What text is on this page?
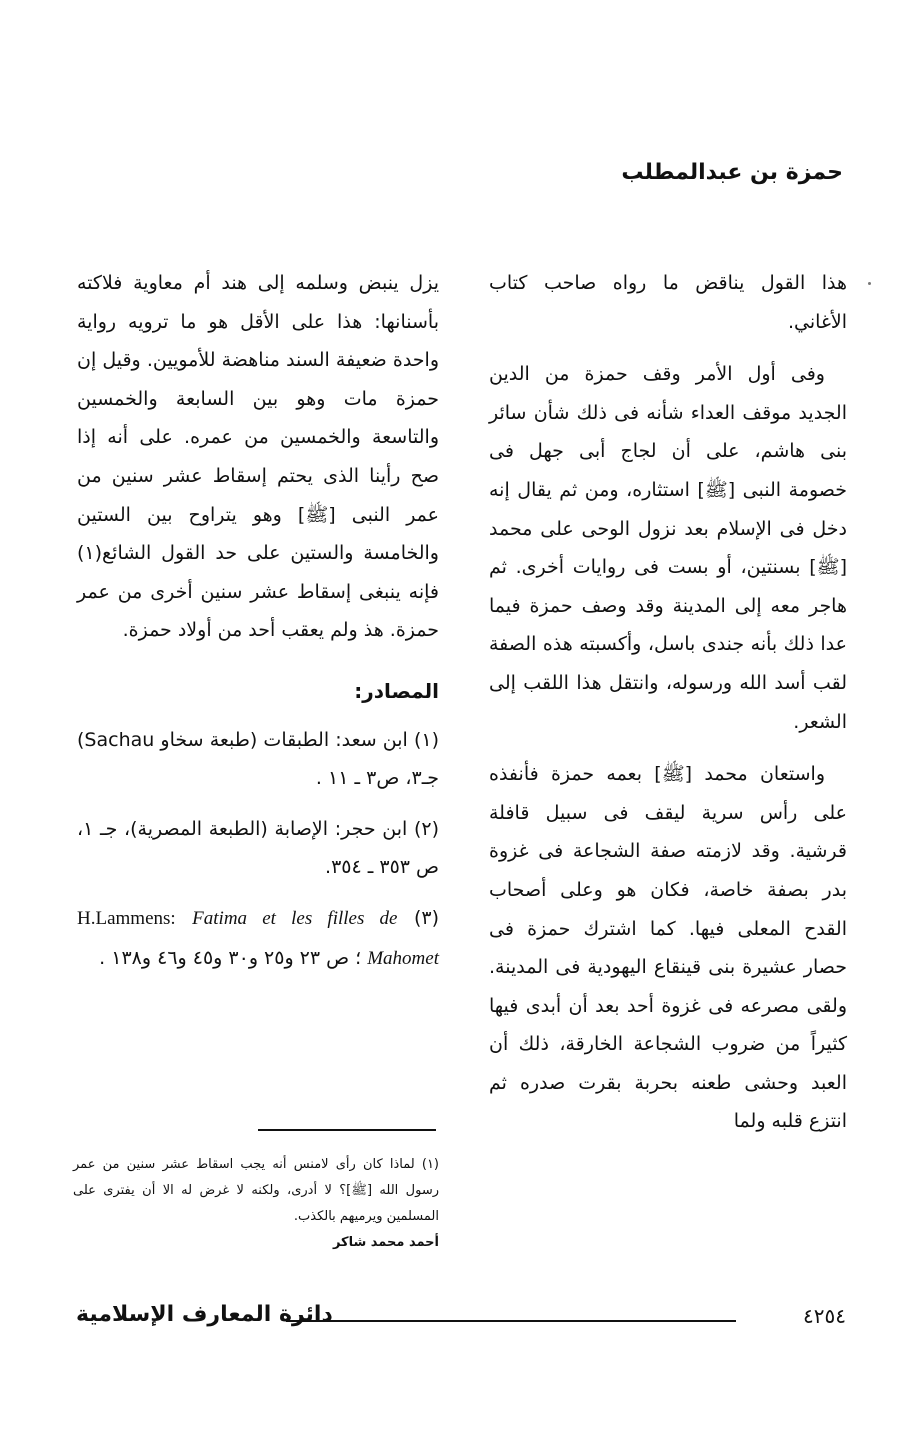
حمزة بن عبدالمطلب

هذا القول يناقض ما رواه صاحب كتاب الأغاني.

وفى أول الأمر وقف حمزة من الدين الجديد موقف العداء شأنه فى ذلك شأن سائر بنى هاشم، على أن لجاج أبى جهل فى خصومة النبى [ﷺ] استثاره، ومن ثم يقال إنه دخل فى الإسلام بعد نزول الوحى على محمد [ﷺ] بسنتين، أو بست فى روايات أخرى. ثم هاجر معه إلى المدينة وقد وصف حمزة فيما عدا ذلك بأنه جندى باسل، وأكسبته هذه الصفة لقب أسد الله ورسوله، وانتقل هذا اللقب إلى الشعر.

واستعان محمد [ﷺ] بعمه حمزة فأنفذه على رأس سرية ليقف فى سبيل قافلة قرشية. وقد لازمته صفة الشجاعة فى غزوة بدر بصفة خاصة، فكان هو وعلى أصحاب القدح المعلى فيها. كما اشترك حمزة فى حصار عشيرة بنى قينقاع اليهودية فى المدينة. ولقى مصرعه فى غزوة أحد بعد أن أبدى فيها كثيراً من ضروب الشجاعة الخارقة، ذلك أن العبد وحشى طعنه بحربة بقرت صدره ثم انتزع قلبه ولما

يزل ينبض وسلمه إلى هند أم معاوية فلاكته بأسنانها: هذا على الأقل هو ما ترويه رواية واحدة ضعيفة السند مناهضة للأمويين. وقيل إن حمزة مات وهو بين السابعة والخمسين والتاسعة والخمسين من عمره. على أنه إذا صح رأينا الذى يحتم إسقاط عشر سنين من عمر النبى [ﷺ] وهو يتراوح بين الستين والخامسة والستين على حد القول الشائع(١) فإنه ينبغى إسقاط عشر سنين أخرى من عمر حمزة. هذ ولم يعقب أحد من أولاد حمزة.

المصادر:

(١) ابن سعد: الطبقات (طبعة سخاو Sachau) جـ٣، ص٣ ـ ١١ .

(٢) ابن حجر: الإصابة (الطبعة المصرية)، جـ ١، ص ٣٥٣ ـ ٣٥٤.

(٣) H.Lammens: Fatima et les filles de Mahomet ؛ ص ٢٣ و٢٥ و٣٠ و٤٥ و٤٦ و١٣٨ .

(١) لماذا كان رأى لامنس أنه يجب اسقاط عشر سنين من عمر رسول الله [ﷺ]؟ لا أدرى، ولكنه لا غرض له الا أن يفترى على المسلمين ويرميهم بالكذب.
أحمد محمد شاكر
٤٢٥٤
دائرة المعارف الإسلامية
